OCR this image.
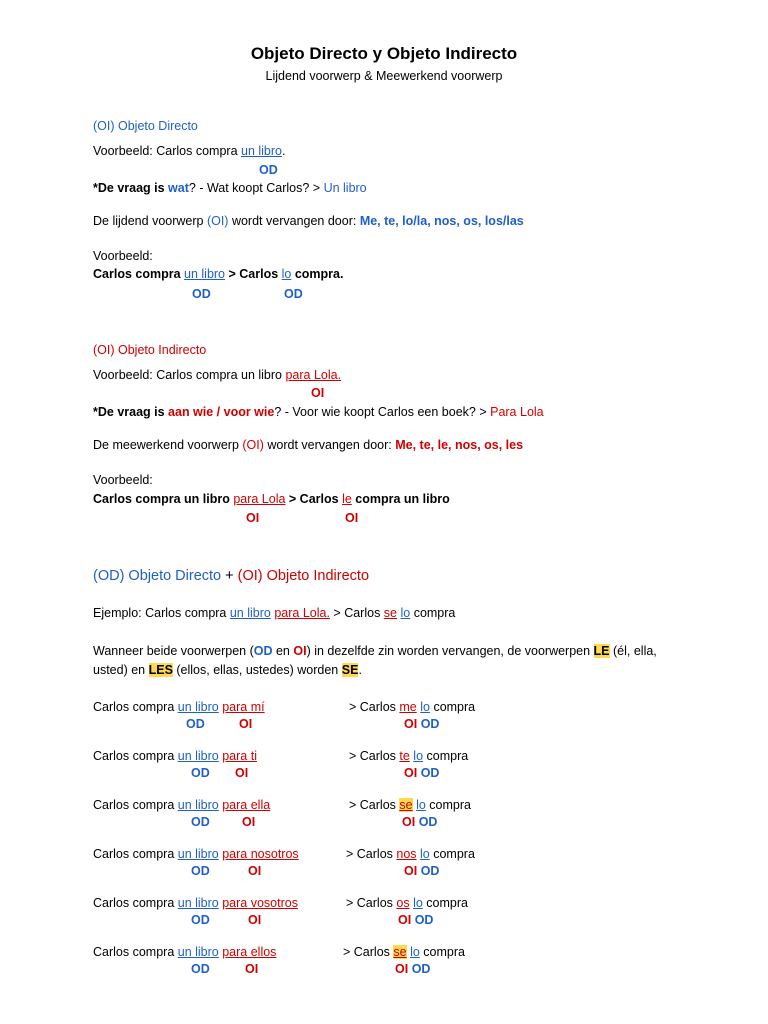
Objeto Directo y Objeto Indirecto
Lijdend voorwerp & Meewerkend voorwerp
(OI) Objeto Directo
Voorbeeld: Carlos compra un libro.
OD
*De vraag is wat? - Wat koopt Carlos? > Un libro
De lijdend voorwerp (OI) wordt vervangen door: Me, te, lo/la, nos, os, los/las
Voorbeeld:
Carlos compra un libro > Carlos lo compra.
OD	OD
(OI) Objeto Indirecto
Voorbeeld: Carlos compra un libro para Lola.
OI
*De vraag is aan wie / voor wie? - Voor wie koopt Carlos een boek? > Para Lola
De meewerkend voorwerp (OI) wordt vervangen door: Me, te, le, nos, os, les
Voorbeeld:
Carlos compra un libro para Lola > Carlos le compra un libro
OI	OI
(OD) Objeto Directo + (OI) Objeto Indirecto
Ejemplo: Carlos compra un libro para Lola. > Carlos se lo compra
Wanneer beide voorwerpen (OD en OI) in dezelfde zin worden vervangen, de voorwerpen LE (él, ella,
usted) en LES (ellos, ellas, ustedes) worden SE.
Carlos compra un libro para mí	> Carlos me lo compra
OD	OI	OI OD
Carlos compra un libro para ti	> Carlos te lo compra
OD OI	OI OD
Carlos compra un libro para ella	> Carlos se lo compra
OD	OI	OI OD
Carlos compra un libro para nosotros	> Carlos nos lo compra
OD	OI	OI OD
Carlos compra un libro para vosotros	> Carlos os lo compra
OD	OI	OI OD
Carlos compra un libro para ellos	> Carlos se lo compra
OD	OI	OI OD
